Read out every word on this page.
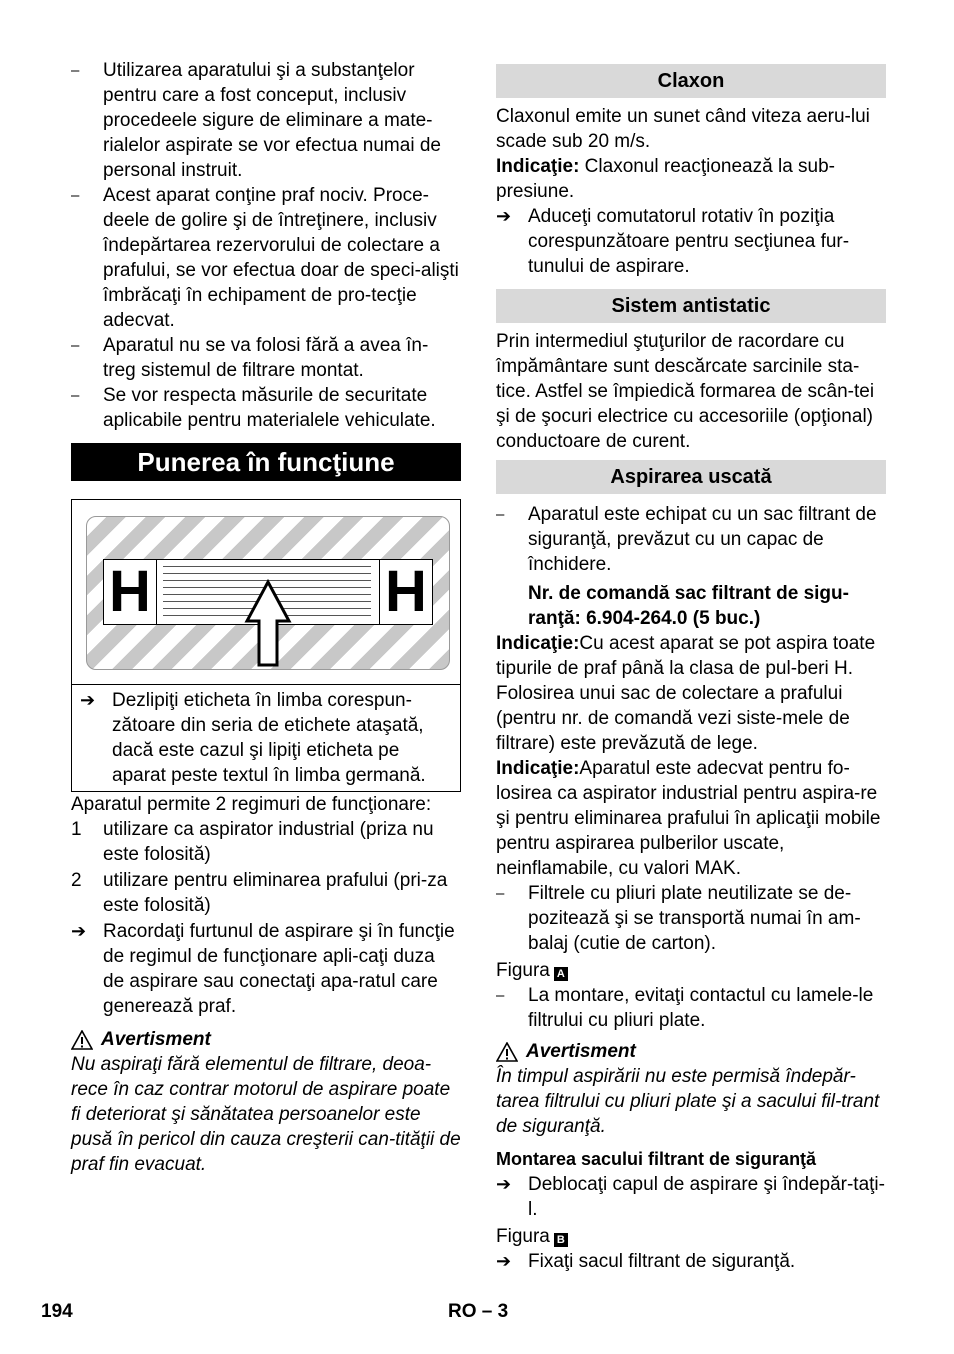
– Utilizarea aparatului şi a substanţelor pentru care a fost conceput, inclusiv procedeele sigure de eliminare a mate-rialelor aspirate se vor efectua numai de personal instruit.
– Acest aparat conţine praf nociv. Proce-deele de golire şi de întreţinere, inclusiv îndepărtarea rezervorului de colectare a prafului, se vor efectua doar de speci-alişti îmbrăcaţi în echipament de pro-tecţie adecvat.
– Aparatul nu se va folosi fără a avea în-treg sistemul de filtrare montat.
– Se vor respecta măsurile de securitate aplicabile pentru materialele vehiculate.
Punerea în funcţiune
H	H
➔ Dezlipiţi eticheta în limba corespun-zătoare din seria de etichete ataşată, dacă este cazul şi lipiţi eticheta pe aparat peste textul în limba germană.

Aparatul permite 2 regimuri de funcţionare:

1 utilizare ca aspirator industrial (priza nu este folosită)
2 utilizare pentru eliminarea prafului (pri-za este folosită)
➔ Racordaţi furtunul de aspirare şi în funcţie de regimul de funcţionare apli-caţi duza de aspirare sau conectaţi apa-ratul care generează praf.
Avertisment

Nu aspiraţi fără elementul de filtrare, deoa-rece în caz contrar motorul de aspirare poate fi deteriorat şi sănătatea persoanelor este pusă în pericol din cauza creşterii can-tităţii de praf fin evacuat.

Claxon

Claxonul emite un sunet când viteza aeru-lui scade sub 20 m/s.

Indicaţie: Claxonul reacţionează la sub-presiune.

➔ Aduceţi comutatorul rotativ în poziţia corespunzătoare pentru secţiunea fur-tunului de aspirare.
Sistem antistatic

Prin intermediul ştuţurilor de racordare cu împământare sunt descărcate sarcinile sta-tice. Astfel se împiedică formarea de scân-tei şi de şocuri electrice cu accesoriile (opţional) conductoare de curent.

Aspirarea uscată
– Aparatul este echipat cu un sac filtrant de siguranţă, prevăzut cu un capac de închidere.

Nr. de comandă sac filtrant de sigu-ranţă: 6.904-264.0 (5 buc.)

Indicaţie:Cu acest aparat se pot aspira toate tipurile de praf până la clasa de pul-beri H. Folosirea unui sac de colectare a prafului (pentru nr. de comandă vezi siste-mele de filtrare) este prevăzută de lege.

Indicaţie:Aparatul este adecvat pentru fo-losirea ca aspirator industrial pentru aspira-re şi pentru eliminarea prafului în aplicaţii mobile pentru aspirarea pulberilor uscate, neinflamabile, cu valori MAK.

– Filtrele cu pliuri plate neutilizate se de-pozitează şi se transportă numai în am-balaj (cutie de carton).

Figura A

– La montare, evitaţi contactul cu lamele-le filtrului cu pliuri plate.
Avertisment

În timpul aspirării nu este permisă îndepăr-tarea filtrului cu pliuri plate şi a sacului fil-trant de siguranţă.

Montarea sacului filtrant de siguranţă

➔ Deblocaţi capul de aspirare şi îndepăr-taţi-l.

Figura B

➔ Fixaţi sacul filtrant de siguranţă.
194	RO – 3
